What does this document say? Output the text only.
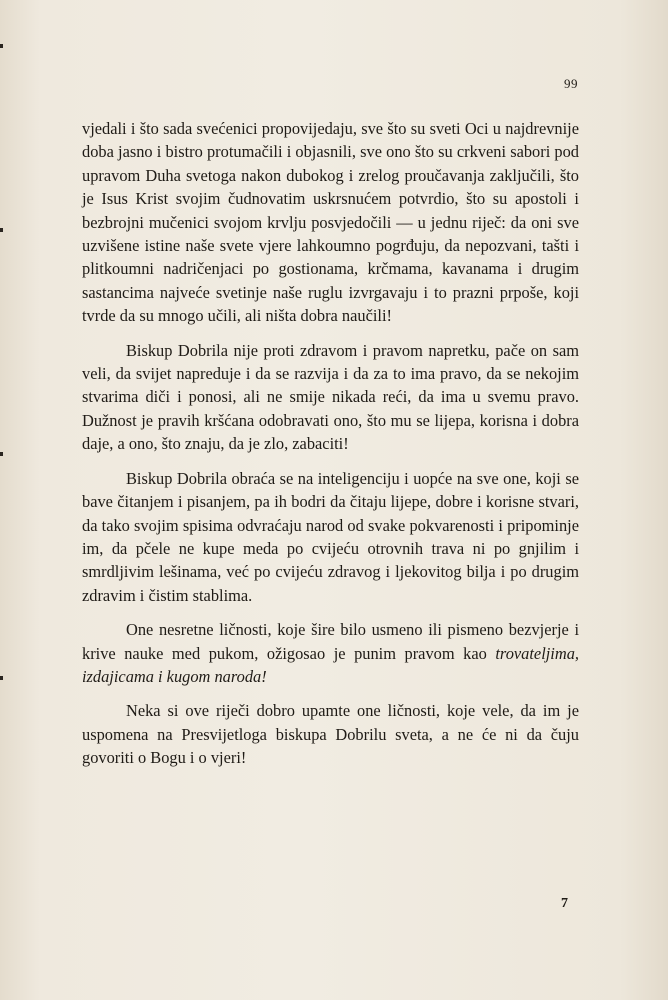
99

vjedali i što sada svećenici propovijedaju, sve što su sveti Oci u najdrevnije doba jasno i bistro protumačili i objasnili, sve ono što su crkveni sabori pod upravom Duha svetoga nakon dubokog i zrelog proučavanja zaključili, što je Isus Krist svojim čudnovatim uskrsnućem potvrdio, što su apostoli i bezbrojni mučenici svojom krvlju posvjedočili — u jednu riječ: da oni sve uzvišene istine naše svete vjere lahkoumno pogrđuju, da nepozvani, tašti i plitkoumni nadričenjaci po gostionama, krčmama, kavanama i drugim sastancima najveće svetinje naše ruglu izvrgavaju i to prazni prpoše, koji tvrde da su mnogo učili, ali ništa dobra naučili!

Biskup Dobrila nije proti zdravom i pravom napretku, pače on sam veli, da svijet napreduje i da se razvija i da za to ima pravo, da se nekojim stvarima diči i ponosi, ali ne smije nikada reći, da ima u svemu pravo. Dužnost je pravih kršćana odobravati ono, što mu se lijepa, korisna i dobra daje, a ono, što znaju, da je zlo, zabaciti!

Biskup Dobrila obraća se na inteligenciju i uopće na sve one, koji se bave čitanjem i pisanjem, pa ih bodri da čitaju lijepe, dobre i korisne stvari, da tako svojim spisima odvraćaju narod od svake pokvarenosti i pripominje im, da pčele ne kupe meda po cvijeću otrovnih trava ni po gnjilim i smrdljivim lešinama, već po cvijeću zdravog i ljekovitog bilja i po drugim zdravim i čistim stablima.

One nesretne ličnosti, koje šire bilo usmeno ili pismeno bezvjerje i krive nauke med pukom, ožigosao je punim pravom kao trovateljima, izdajicama i kugom naroda!

Neka si ove riječi dobro upamte one ličnosti, koje vele, da im je uspomena na Presvijetloga biskupa Dobrilu sveta, a ne će ni da čuju govoriti o Bogu i o vjeri!

7
